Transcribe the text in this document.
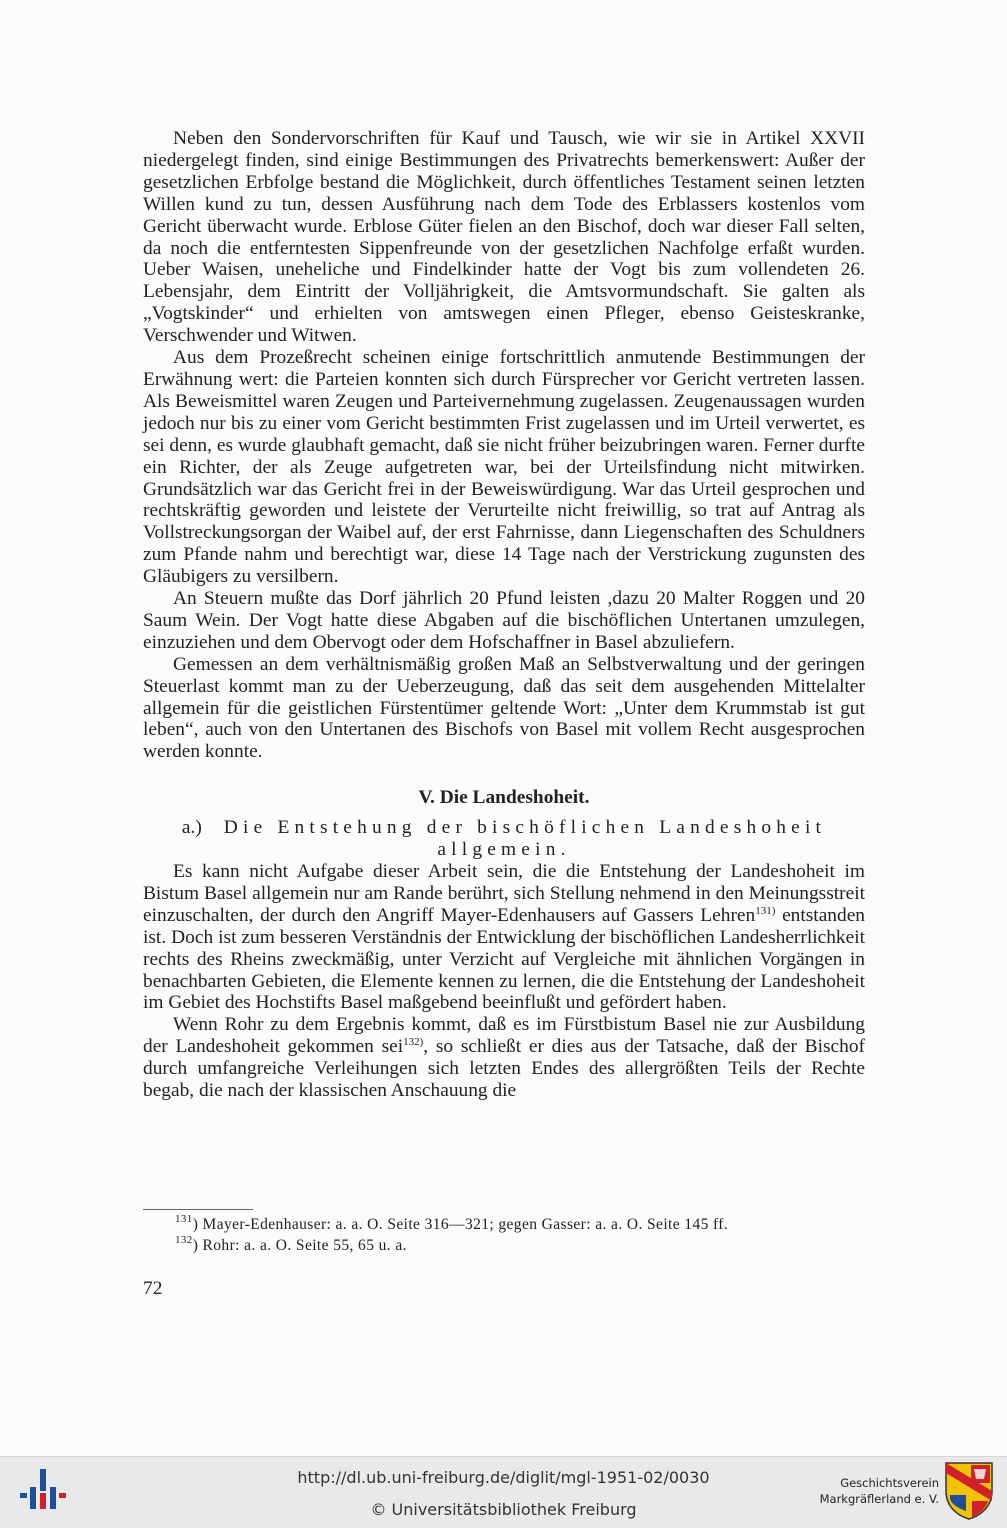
Neben den Sondervorschriften für Kauf und Tausch, wie wir sie in Artikel XXVII niedergelegt finden, sind einige Bestimmungen des Privatrechts bemerkenswert: Außer der gesetzlichen Erbfolge bestand die Möglichkeit, durch öffentliches Testament seinen letzten Willen kund zu tun, dessen Ausführung nach dem Tode des Erblassers kostenlos vom Gericht überwacht wurde. Erblose Güter fielen an den Bischof, doch war dieser Fall selten, da noch die entferntesten Sippenfreunde von der gesetzlichen Nachfolge erfaßt wurden. Ueber Waisen, uneheliche und Findelkinder hatte der Vogt bis zum vollendeten 26. Lebensjahr, dem Eintritt der Volljährigkeit, die Amtsvormundschaft. Sie galten als „Vogtskinder“ und erhielten von amtswegen einen Pfleger, ebenso Geisteskranke, Verschwender und Witwen.

Aus dem Prozeßrecht scheinen einige fortschrittlich anmutende Bestimmungen der Erwähnung wert: die Parteien konnten sich durch Fürsprecher vor Gericht vertreten lassen. Als Beweismittel waren Zeugen und Parteivernehmung zugelassen. Zeugenaussagen wurden jedoch nur bis zu einer vom Gericht bestimmten Frist zugelassen und im Urteil verwertet, es sei denn, es wurde glaubhaft gemacht, daß sie nicht früher beizubringen waren. Ferner durfte ein Richter, der als Zeuge aufgetreten war, bei der Urteilsfindung nicht mitwirken. Grundsätzlich war das Gericht frei in der Beweiswürdigung. War das Urteil gesprochen und rechtskräftig geworden und leistete der Verurteilte nicht freiwillig, so trat auf Antrag als Vollstreckungsorgan der Waibel auf, der erst Fahrnisse, dann Liegenschaften des Schuldners zum Pfande nahm und berechtigt war, diese 14 Tage nach der Verstrickung zugunsten des Gläubigers zu versilbern.

An Steuern mußte das Dorf jährlich 20 Pfund leisten ,dazu 20 Malter Roggen und 20 Saum Wein. Der Vogt hatte diese Abgaben auf die bischöflichen Untertanen umzulegen, einzuziehen und dem Obervogt oder dem Hofschaffner in Basel abzuliefern.

Gemessen an dem verhältnismäßig großen Maß an Selbstverwaltung und der geringen Steuerlast kommt man zu der Ueberzeugung, daß das seit dem ausgehenden Mittelalter allgemein für die geistlichen Fürstentümer geltende Wort: „Unter dem Krummstab ist gut leben“, auch von den Untertanen des Bischofs von Basel mit vollem Recht ausgesprochen werden konnte.

V. Die Landeshoheit.
a.) Die Entstehung der bischöflichen Landeshoheit allgemein.

Es kann nicht Aufgabe dieser Arbeit sein, die die Entstehung der Landeshoheit im Bistum Basel allgemein nur am Rande berührt, sich Stellung nehmend in den Meinungsstreit einzuschalten, der durch den Angriff Mayer-Edenhausers auf Gassers Lehren$^{131)}$ entstanden ist. Doch ist zum besseren Verständnis der Entwicklung der bischöflichen Landesherrlichkeit rechts des Rheins zweckmäßig, unter Verzicht auf Vergleiche mit ähnlichen Vorgängen in benachbarten Gebieten, die Elemente kennen zu lernen, die die Entstehung der Landeshoheit im Gebiet des Hochstifts Basel maßgebend beeinflußt und gefördert haben.

Wenn Rohr zu dem Ergebnis kommt, daß es im Fürstbistum Basel nie zur Ausbildung der Landeshoheit gekommen sei$^{132)}$, so schließt er dies aus der Tatsache, daß der Bischof durch umfangreiche Verleihungen sich letzten Endes des allergrößten Teils der Rechte begab, die nach der klassischen Anschauung die

$^{131}$) Mayer-Edenhauser: a. a. O. Seite 316—321; gegen Gasser: a. a. O. Seite 145 ff.
$^{132}$) Rohr: a. a. O. Seite 55, 65 u. a.
72
http://dl.ub.uni-freiburg.de/diglit/mgl-1951-02/0030
© Universitätsbibliothek Freiburg
Geschichtsverein
Markgräflerland e. V.
